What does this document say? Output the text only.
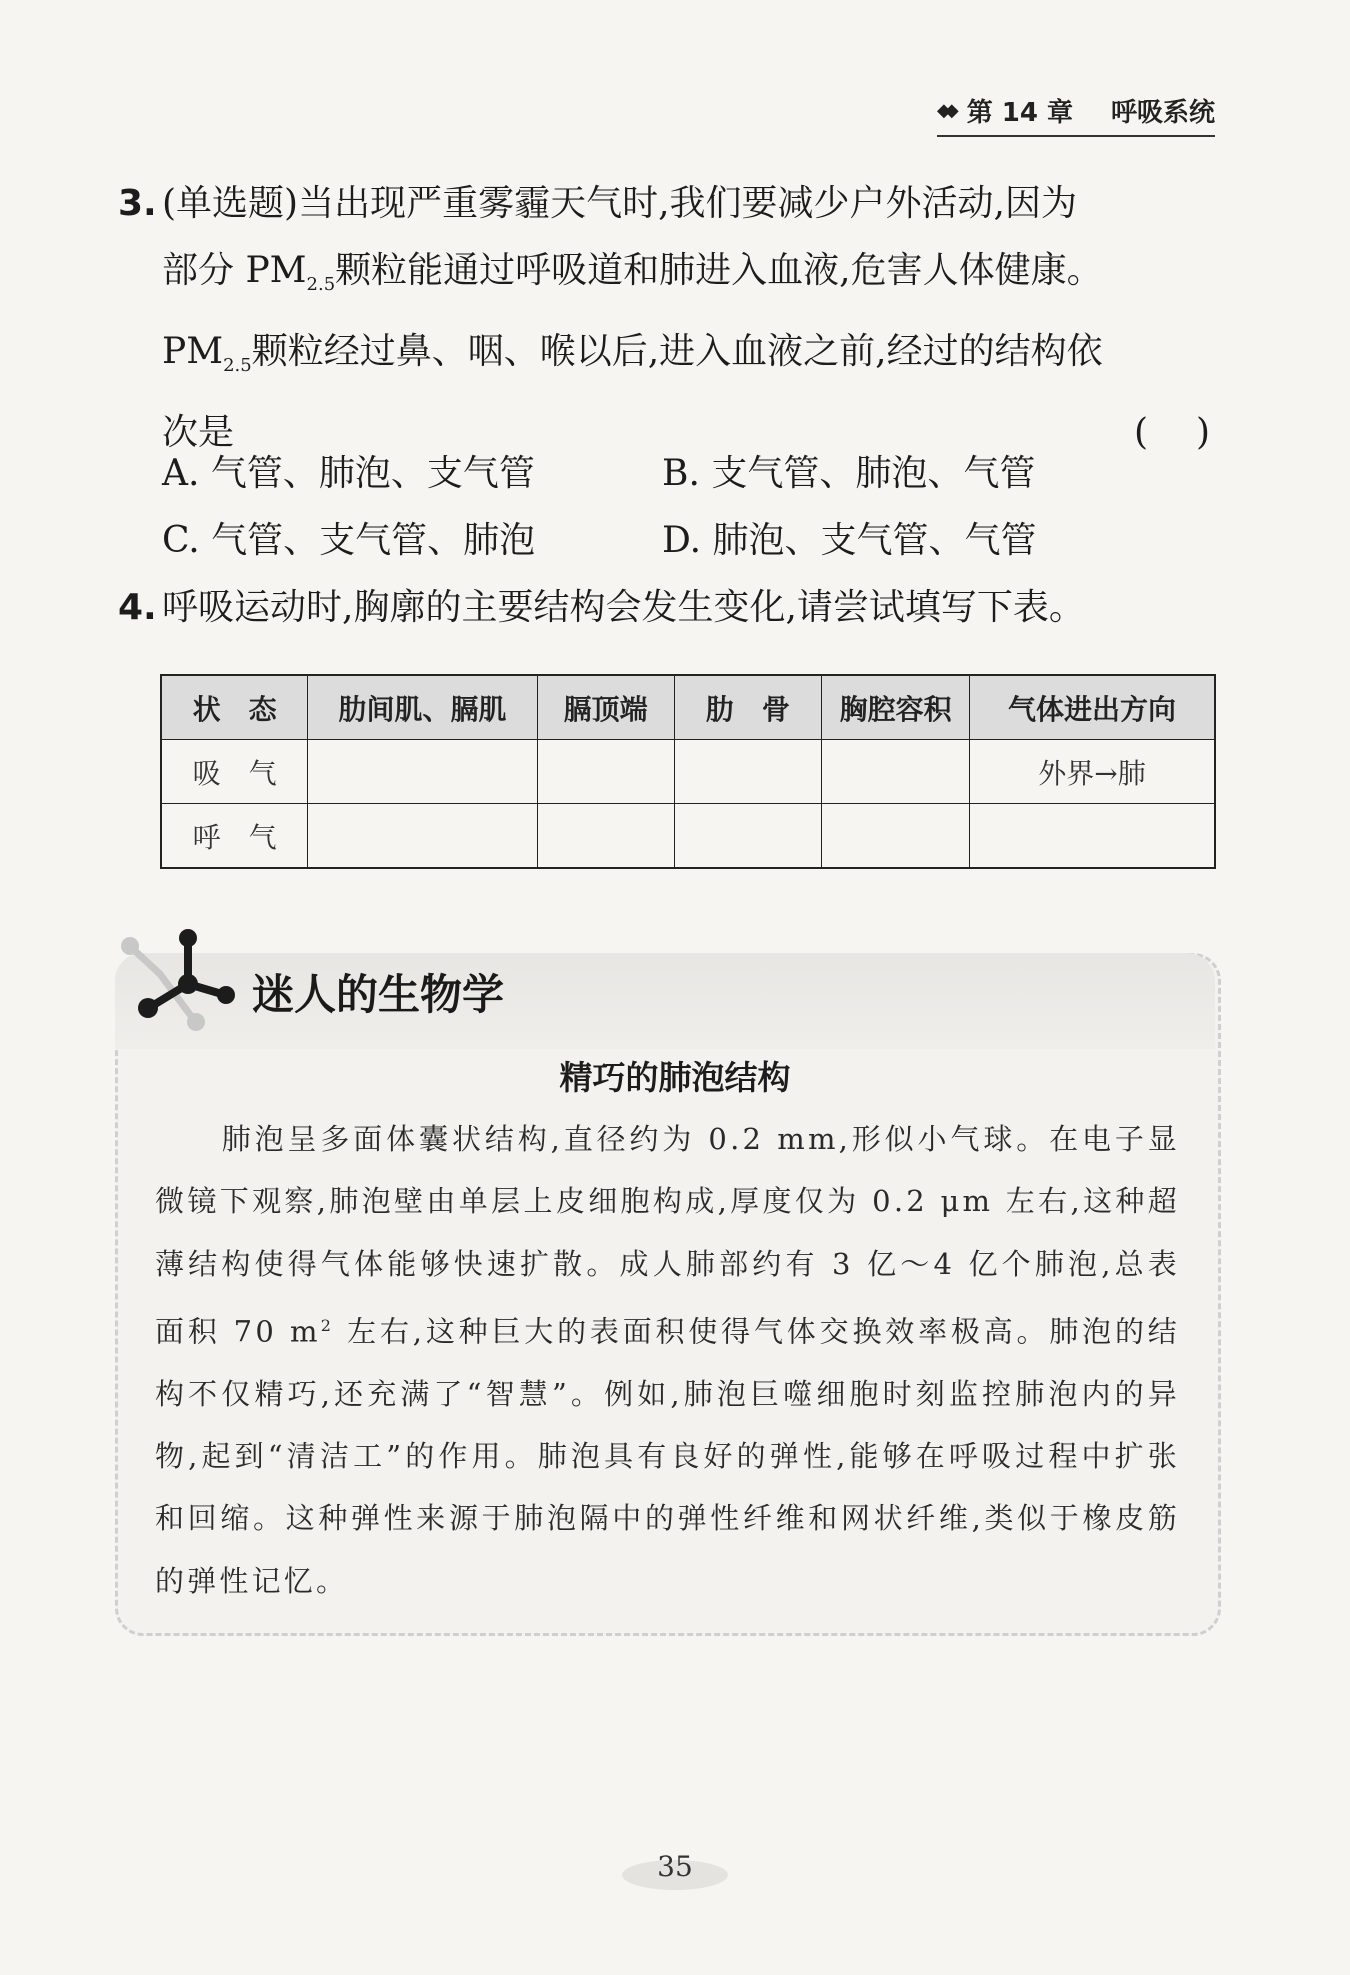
◆◆ 第 14 章 呼吸系统
3. (单选题)当出现严重雾霾天气时,我们要减少户外活动,因为
部分 $PM_{2.5}$颗粒能通过呼吸道和肺进入血液,危害人体健康。
$PM_{2.5}$颗粒经过鼻、咽、喉以后,进入血液之前,经过的结构依
次是	( )
A. 气管、肺泡、支气管	B. 支气管、肺泡、气管
C. 气管、支气管、肺泡	D. 肺泡、支气管、气管
4. 呼吸运动时,胸廓的主要结构会发生变化,请尝试填写下表。
状　态	肋间肌、膈肌	膈顶端	肋　骨	胸腔容积	气体进出方向
吸　气					外界→肺
呼　气					
迷人的生物学
精巧的肺泡结构
肺泡呈多面体囊状结构,直径约为 0.2 mm,形似小气球。在电子显微镜下观察,肺泡壁由单层上皮细胞构成,厚度仅为 0.2 μm 左右,这种超薄结构使得气体能够快速扩散。成人肺部约有 3 亿～4 亿个肺泡,总表面积 70 $m^2$ 左右,这种巨大的表面积使得气体交换效率极高。肺泡的结构不仅精巧,还充满了“智慧”。例如,肺泡巨噬细胞时刻监控肺泡内的异物,起到“清洁工”的作用。肺泡具有良好的弹性,能够在呼吸过程中扩张和回缩。这种弹性来源于肺泡隔中的弹性纤维和网状纤维,类似于橡皮筋的弹性记忆。
35
